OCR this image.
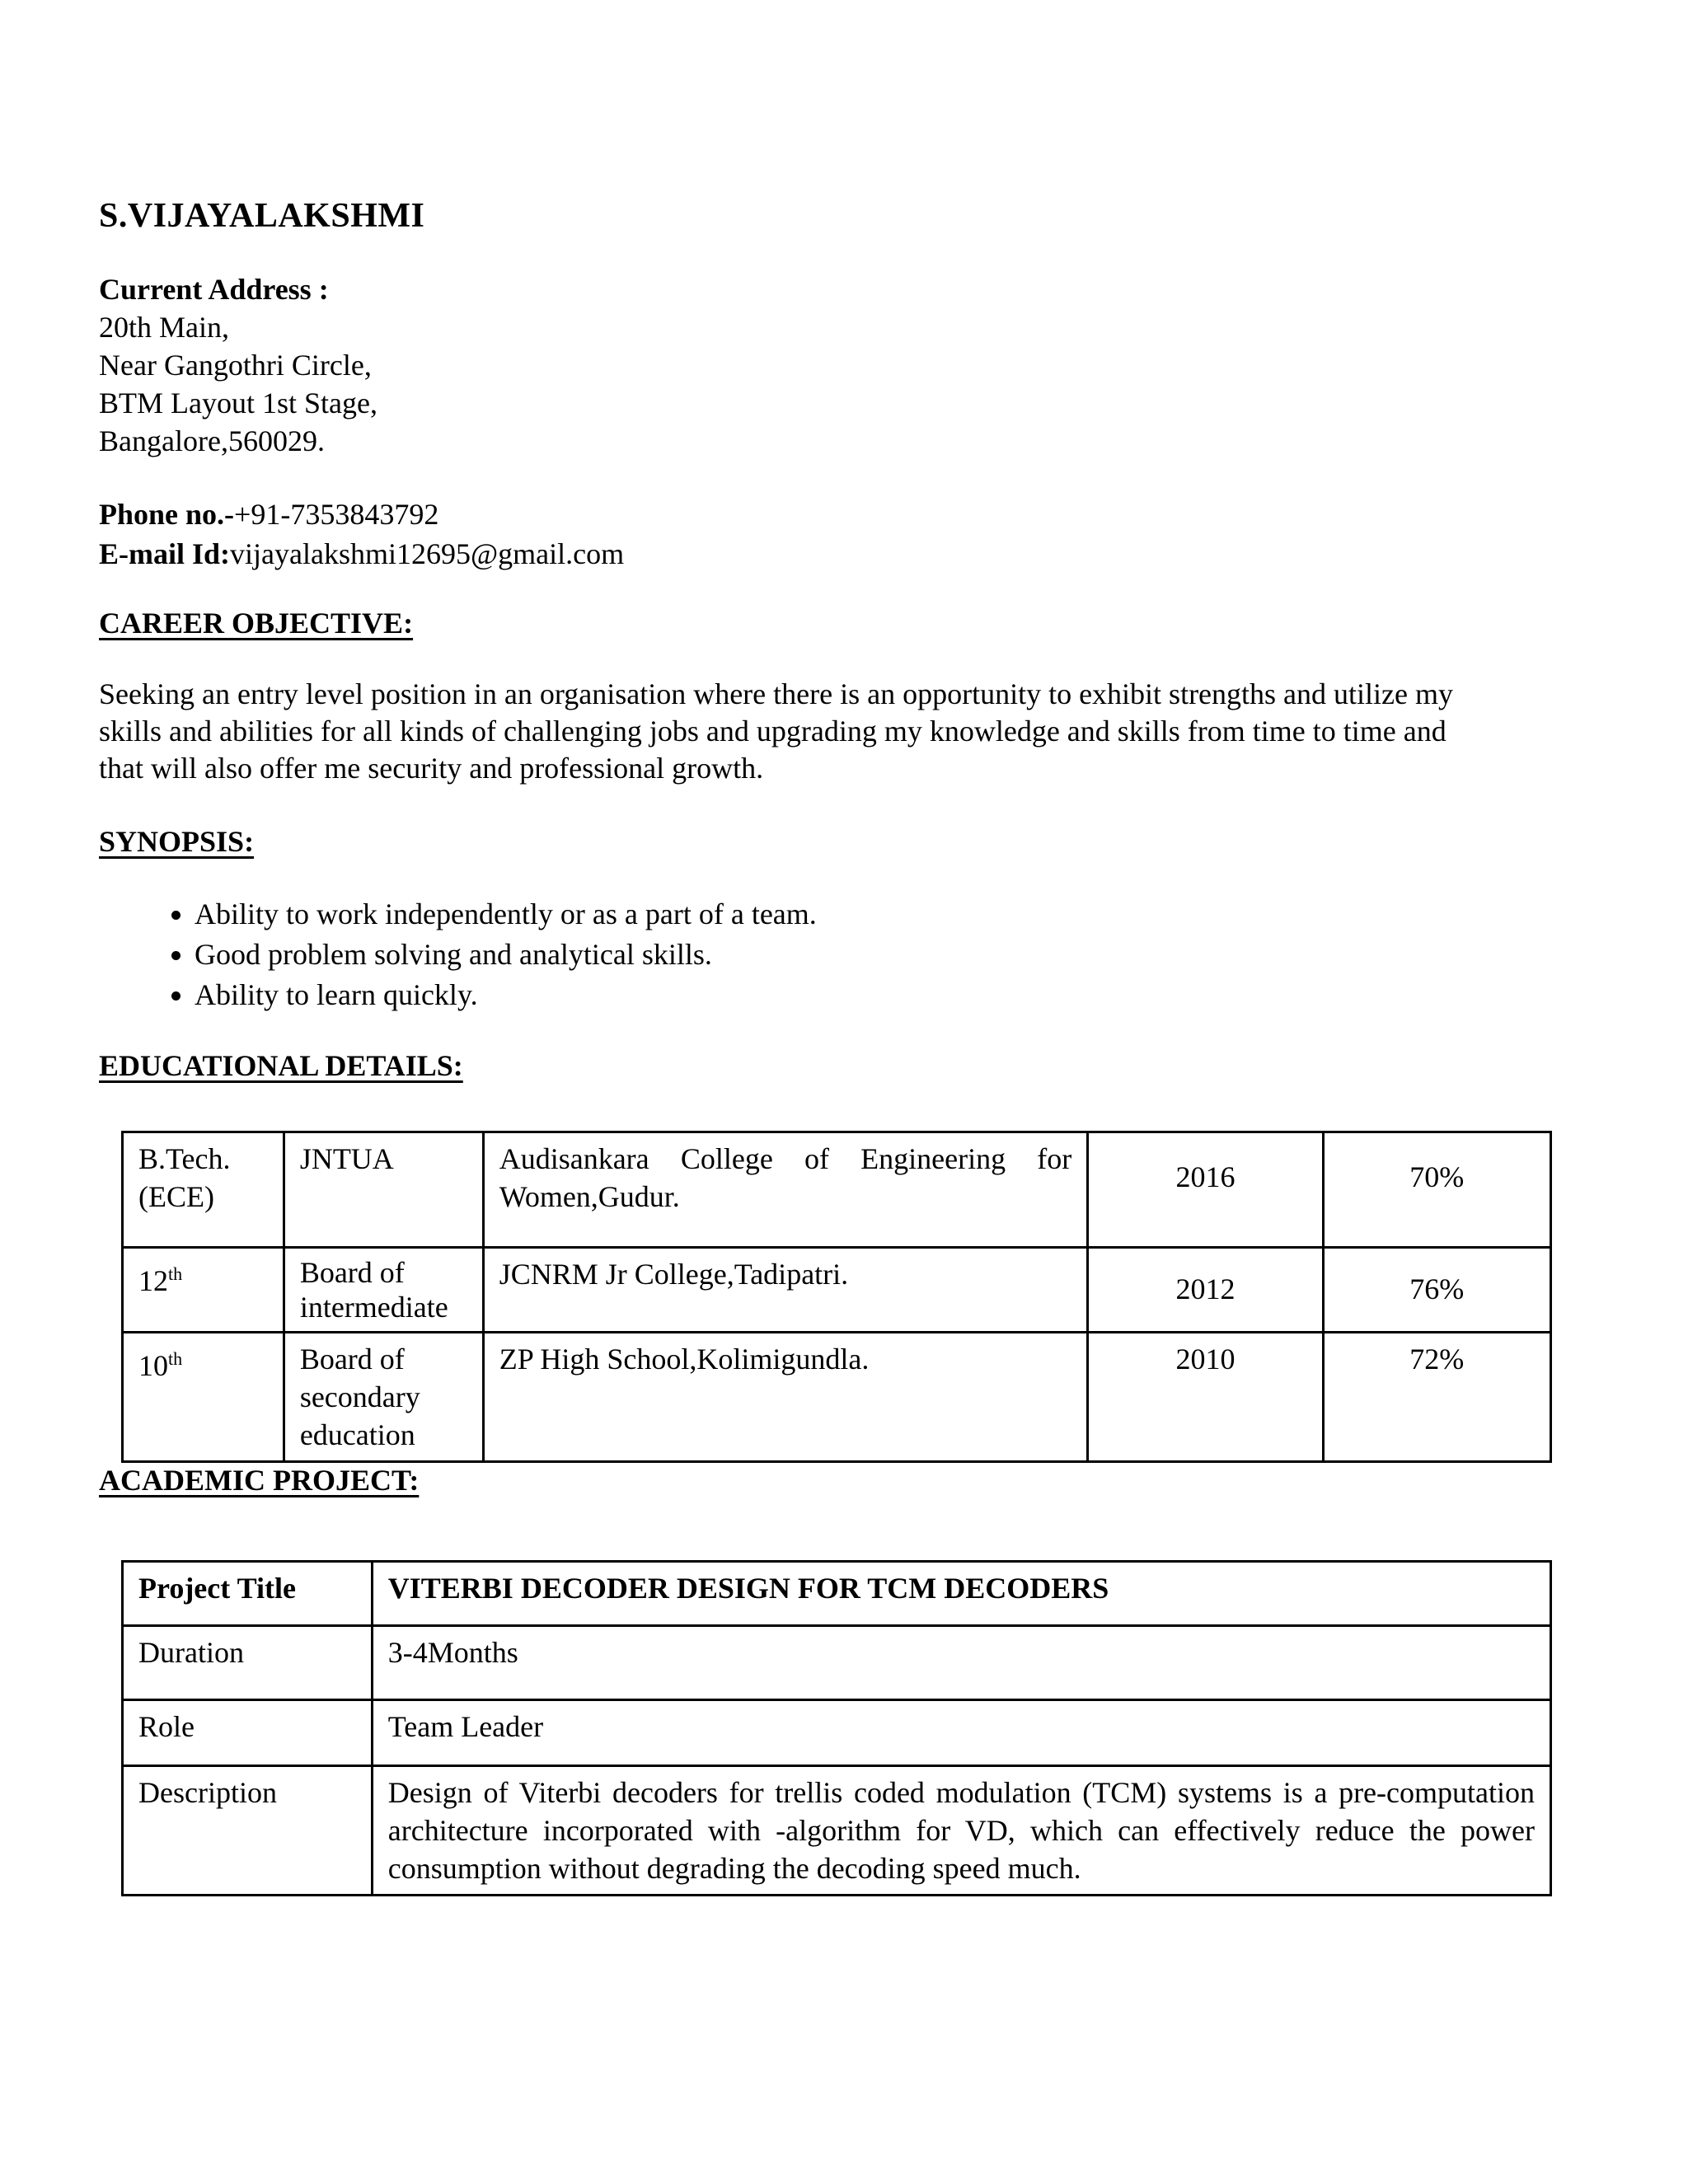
S.VIJAYALAKSHMI
Current Address :
20th Main,
Near Gangothri Circle,
BTM Layout 1st Stage,
Bangalore,560029.
Phone no.-+91-7353843792
E-mail Id:vijayalakshmi12695@gmail.com
CAREER OBJECTIVE:
Seeking an entry level position in an organisation where there is an opportunity to exhibit strengths and utilize my skills and abilities for all kinds of challenging jobs and upgrading my knowledge and skills from time to time and that will also offer me security and professional growth.
SYNOPSIS:
• Ability to work independently or as a part of a team.
• Good problem solving and analytical skills.
• Ability to learn quickly.
EDUCATIONAL DETAILS:
B.Tech. (ECE)	JNTUA	Audisankara College of Engineering for Women,Gudur.	2016	70%
12th	Board of intermediate	JCNRM Jr College,Tadipatri.	2012	76%
10th	Board of secondary education	ZP High School,Kolimigundla.	2010	72%
ACADEMIC PROJECT:
Project Title	VITERBI DECODER DESIGN FOR TCM DECODERS
Duration	3-4Months
Role	Team Leader
Description	Design of Viterbi decoders for trellis coded modulation (TCM) systems is a pre-computation architecture incorporated with -algorithm for VD, which can effectively reduce the power consumption without degrading the decoding speed much.
